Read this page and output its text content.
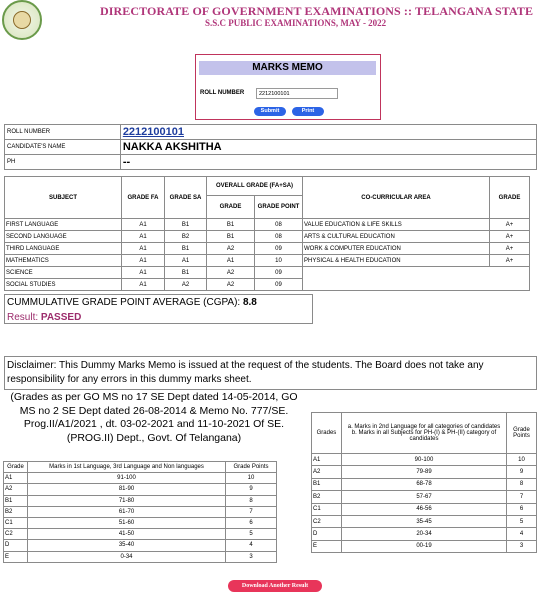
DIRECTORATE OF GOVERNMENT EXAMINATIONS :: TELANGANA STATE
S.S.C PUBLIC EXAMINATIONS, MAY - 2022
MARKS MEMO
ROLL NUMBER
2212100101
Submit	Print
ROLL NUMBER	2212100101
CANDIDATE'S NAME	NAKKA AKSHITHA
PH	--
SUBJECT	GRADE FA	GRADE SA	OVERALL GRADE (FA+SA)		CO-CURRICULAR AREA	GRADE
			GRADE	GRADE POINT		
FIRST LANGUAGE	A1	B1	B1	08	VALUE EDUCATION & LIFE SKILLS	A+
SECOND LANGUAGE	A1	B2	B1	08	ARTS & CULTURAL EDUCATION	A+
THIRD LANGUAGE	A1	B1	A2	09	WORK & COMPUTER EDUCATION	A+
MATHEMATICS	A1	A1	A1	10	PHYSICAL & HEALTH EDUCATION	A+
SCIENCE	A1	B1	A2	09		
SOCIAL STUDIES	A1	A2	A2	09		
CUMMULATIVE GRADE POINT AVERAGE (CGPA): 8.8
Result: PASSED
Disclaimer: This Dummy Marks Memo is issued at the request of the students. The Board does not take any responsibility for any errors in this dummy marks sheet.
(Grades as per GO MS no 17 SE Dept dated 14-05-2014, GO MS no 2 SE Dept dated 26-08-2014 & Memo No. 777/SE. Prog.II/A1/2021 , dt. 03-02-2021 and 11-10-2021 Of SE.(PROG.II) Dept., Govt. Of Telangana)
Grade	Marks in 1st Language, 3rd Language and Non languages	Grade Points
A1	91-100	10
A2	81-90	9
B1	71-80	8
B2	61-70	7
C1	51-60	6
C2	41-50	5
D	35-40	4
E	0-34	3
Grades	a. Marks in 2nd Language for all categories of candidates
b. Marks in all Subjects for PH-(I) & PH-(II) category of candidates	Grade Points
A1	90-100	10
A2	79-89	9
B1	68-78	8
B2	57-67	7
C1	46-56	6
C2	35-45	5
D	20-34	4
E	00-19	3
Download Another Result
